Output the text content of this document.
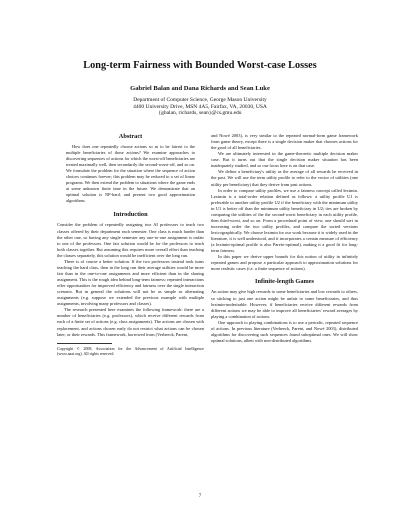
Long-term Fairness with Bounded Worst-case Losses
Gabriel Balan and Dana Richards and Sean Luke
Department of Computer Science, George Mason University
4400 University Drive, MSN 4A5, Fairfax, VA, 20030, USA
{gbalan, richards, sean}@cs.gmu.edu
Abstract

How does one repeatedly choose actions so as to be fairest to the multiple beneficiaries of those actions? We examine approaches to discovering sequences of actions for which the worst-off beneficiaries are treated maximally well, then secondarily the second-worst-off, and so on. We formulate the problem for the situation where the sequence of action choices continues forever; this problem may be reduced to a set of linear programs. We then extend the problem to situations where the game ends at some unknown finite time in the future. We demonstrate that an optimal solution is NP-hard, and present two good approximation algorithms.

Introduction

Consider the problem of repeatedly assigning two AI professors to teach two classes offered by their department each semester. One class is much harder than the other one, so having any single semester any one-to-one assignment is unfair to one of the professors. One fair solution would be for the professors to teach both classes together. But assuming this requires more overall effort than teaching the classes separately, this solution would be inefficient over the long run.

There is of course a better solution. If the two professors instead took turns teaching the hard class, then in the long run their average utilities would be more fair than in the one-to-one assignments and more efficient than in the sharing assignment. This is the rough idea behind long-term fairness: repeated interactions offer opportunities for improved efficiency and fairness over the single interaction scenario. But in general the solutions will not be as simple as alternating assignments (e.g. suppose we extended the previous example with multiple assignments, involving many professors and classes).

The research presented here examines the following framework: there are a number of beneficiaries (e.g. professors), which receive different rewards from each of a finite set of actions (e.g. class assignments). The actions are chosen with replacement, and actions chosen early do not restrict what actions can be chosen later, or their rewards. This framework, borrowed from (Verbeeck, Parent,

Copyright © 2008, Association for the Advancement of Artificial Intelligence (www.aaai.org). All rights reserved.

and Nowé 2003), is very similar to the repeated normal-form game framework from game theory, except there is a single decision maker that chooses actions for the good of all beneficiaries.

We are ultimately interested in the game-theoretic multiple decision maker case. But it turns out that the single decision maker situation has been inadequately studied, and so our focus here is on that case.

We define a beneficiary's utility as the average of all rewards he received in the past. We will use the term utility profile to refer to the vector of utilities (one utility per beneficiary) that they derive from past actions.

In order to compare utility profiles, we use a fairness concept called leximin. Leximin is a total-order relation defined as follows: a utility profile U1 is preferable to another utility profile U2 if the beneficiary with the minimum utility in U1 is better off than the minimum utility beneficiary in U2; ties are broken by comparing the utilities of the the second-worst beneficiary in each utility profile, then third-worst, and so on. From a procedural point of view, one should sort in increasing order the two utility profiles, and compare the sorted versions lexicographically. We choose leximin for our work because it is widely used in the literature, it is well understood, and it incorporates a certain measure of efficiency (a leximin-optimal profile is also Pareto-optimal), making it a good fit for long-term fairness.

In this paper we derive upper bounds for this notion of utility in infinitely repeated games and propose a particular approach to approximation solutions for more realistic cases (i.e. a finite sequence of actions).

Infinite-length Games

An action may give high rewards to some beneficiaries and low rewards to others, so sticking to just one action might be unfair to some beneficiaries, and thus leximin-undesirable. However, if beneficiaries receive different rewards from different actions we may be able to improve all beneficiaries' reward averages by playing a combination of actions.

One approach to playing combinations is to use a periodic, repeated sequence of actions. In previous literature (Verbeeck, Parent, and Nowé 2003), distributed algorithms for discovering such sequences found suboptimal ones. We will show optimal solutions, albeit with non-distributed algorithms.

7
